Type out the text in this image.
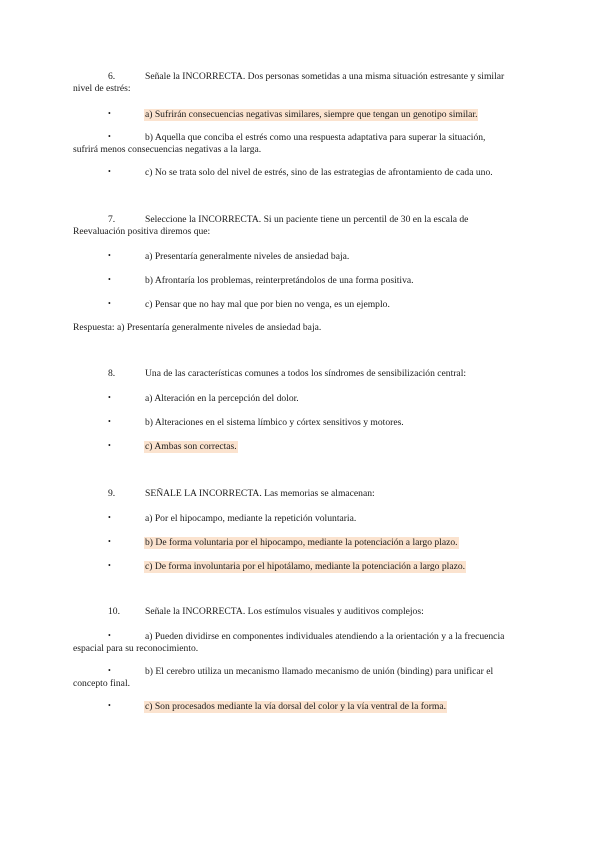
6.	Señale la INCORRECTA. Dos personas sometidas a una misma situación estresante y similar
nivel de estrés:
•	a) Sufrirán consecuencias negativas similares, siempre que tengan un genotipo similar.
•	b) Aquella que conciba el estrés como una respuesta adaptativa para superar la situación,
sufrirá menos consecuencias negativas a la larga.
•	c) No se trata solo del nivel de estrés, sino de las estrategias de afrontamiento de cada uno.
7.	Seleccione la INCORRECTA. Si un paciente tiene un percentil de 30 en la escala de
Reevaluación positiva diremos que:
•	a) Presentaría generalmente niveles de ansiedad baja.
•	b) Afrontaría los problemas, reinterpretándolos de una forma positiva.
•	c) Pensar que no hay mal que por bien no venga, es un ejemplo.
Respuesta: a) Presentaría generalmente niveles de ansiedad baja.
8.	Una de las características comunes a todos los síndromes de sensibilización central:
•	a) Alteración en la percepción del dolor.
•	b) Alteraciones en el sistema límbico y córtex sensitivos y motores.
•	c) Ambas son correctas.
9.	SEÑALE LA INCORRECTA. Las memorias se almacenan:
•	a) Por el hipocampo, mediante la repetición voluntaria.
•	b) De forma voluntaria por el hipocampo, mediante la potenciación a largo plazo.
•	c) De forma involuntaria por el hipotálamo, mediante la potenciación a largo plazo.
10.	Señale la INCORRECTA. Los estímulos visuales y auditivos complejos:
•	a) Pueden dividirse en componentes individuales atendiendo a la orientación y a la frecuencia
espacial para su reconocimiento.
•	b) El cerebro utiliza un mecanismo llamado mecanismo de unión (binding) para unificar el
concepto final.
•	c) Son procesados mediante la vía dorsal del color y la vía ventral de la forma.
